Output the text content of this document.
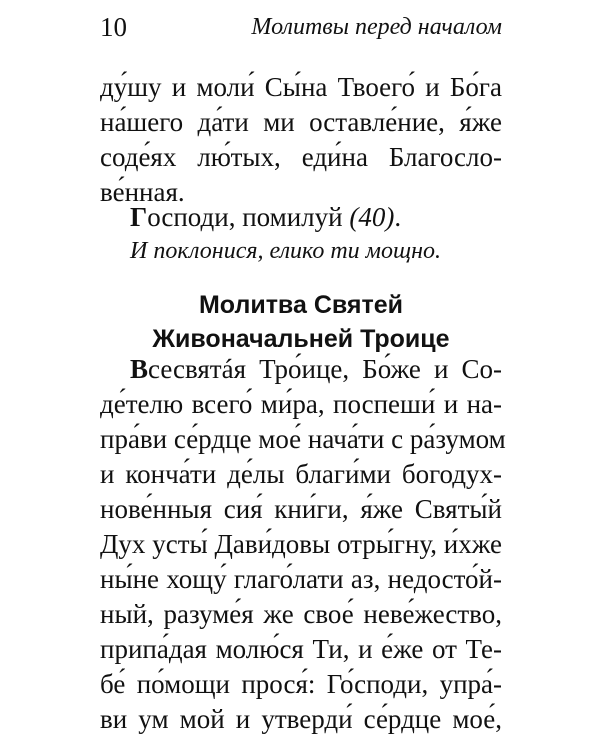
10	Молитвы перед началом
ду́шу и моли́ Сы́на Твоего́ и Бо́га
на́шего да́ти ми оставле́ние, я́же
соде́ях лю́тых, еди́на Благосло-
ве́нная.
Господи, помилуй (40).
И поклонися, елико ти мощно.
Молитва Святей
Живоначальней Троице
Всесвятáя Тро́ице, Бо́же и Со-
де́телю всего́ ми́ра, поспеши́ и на-
пра́ви се́рдце мое́ нача́ти с ра́зумом
и конча́ти де́лы благи́ми богодух-
нове́нныя сия́ кни́ги, я́же Святы́й
Дух усты́ Дави́довы отры́гну, и́хже
ны́не хощу́ глаго́лати аз, недосто́й-
ный, разуме́я же свое́ неве́жество,
припа́дая молю́ся Ти, и е́же от Те-
бе́ по́мощи прося́: Го́споди, упра́-
ви ум мой и утверди́ се́рдце мое́,
